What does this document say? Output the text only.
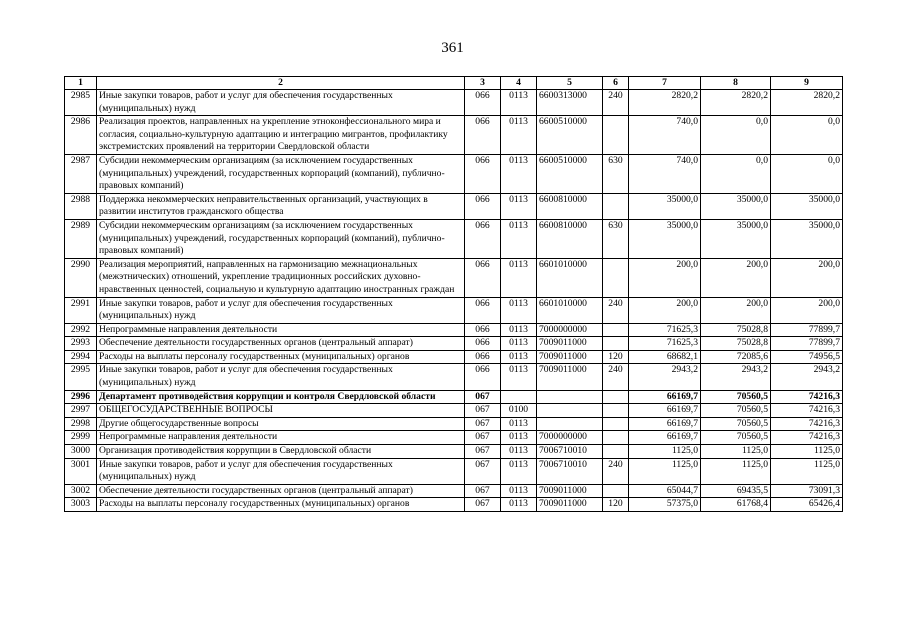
361
1	2	3	4	5	6	7	8	9
2985	Иные закупки товаров, работ и услуг для обеспечения государственных (муниципальных) нужд	066	0113	6600313000	240	2820,2	2820,2	2820,2
2986	Реализация проектов, направленных на укрепление этноконфессионального мира и согласия, социально-культурную адаптацию и интеграцию мигрантов, профилактику экстремистских проявлений на территории Свердловской области	066	0113	6600510000		740,0	0,0	0,0
2987	Субсидии некоммерческим организациям (за исключением государственных (муниципальных) учреждений, государственных корпораций (компаний), публично-правовых компаний)	066	0113	6600510000	630	740,0	0,0	0,0
2988	Поддержка некоммерческих неправительственных организаций, участвующих в развитии институтов гражданского общества	066	0113	6600810000		35000,0	35000,0	35000,0
2989	Субсидии некоммерческим организациям (за исключением государственных (муниципальных) учреждений, государственных корпораций (компаний), публично-правовых компаний)	066	0113	6600810000	630	35000,0	35000,0	35000,0
2990	Реализация мероприятий, направленных на гармонизацию межнациональных (межэтнических) отношений, укрепление традиционных российских духовно-нравственных ценностей, социальную и культурную адаптацию иностранных граждан	066	0113	6601010000		200,0	200,0	200,0
2991	Иные закупки товаров, работ и услуг для обеспечения государственных (муниципальных) нужд	066	0113	6601010000	240	200,0	200,0	200,0
2992	Непрограммные направления деятельности	066	0113	7000000000		71625,3	75028,8	77899,7
2993	Обеспечение деятельности государственных органов (центральный аппарат)	066	0113	7009011000		71625,3	75028,8	77899,7
2994	Расходы на выплаты персоналу государственных (муниципальных) органов	066	0113	7009011000	120	68682,1	72085,6	74956,5
2995	Иные закупки товаров, работ и услуг для обеспечения государственных (муниципальных) нужд	066	0113	7009011000	240	2943,2	2943,2	2943,2
2996	Департамент противодействия коррупции и контроля Свердловской области	067				66169,7	70560,5	74216,3
2997	ОБЩЕГОСУДАРСТВЕННЫЕ ВОПРОСЫ	067	0100			66169,7	70560,5	74216,3
2998	Другие общегосударственные вопросы	067	0113			66169,7	70560,5	74216,3
2999	Непрограммные направления деятельности	067	0113	7000000000		66169,7	70560,5	74216,3
3000	Организация противодействия коррупции в Свердловской области	067	0113	7006710010		1125,0	1125,0	1125,0
3001	Иные закупки товаров, работ и услуг для обеспечения государственных (муниципальных) нужд	067	0113	7006710010	240	1125,0	1125,0	1125,0
3002	Обеспечение деятельности государственных органов (центральный аппарат)	067	0113	7009011000		65044,7	69435,5	73091,3
3003	Расходы на выплаты персоналу государственных (муниципальных) органов	067	0113	7009011000	120	57375,0	61768,4	65426,4
